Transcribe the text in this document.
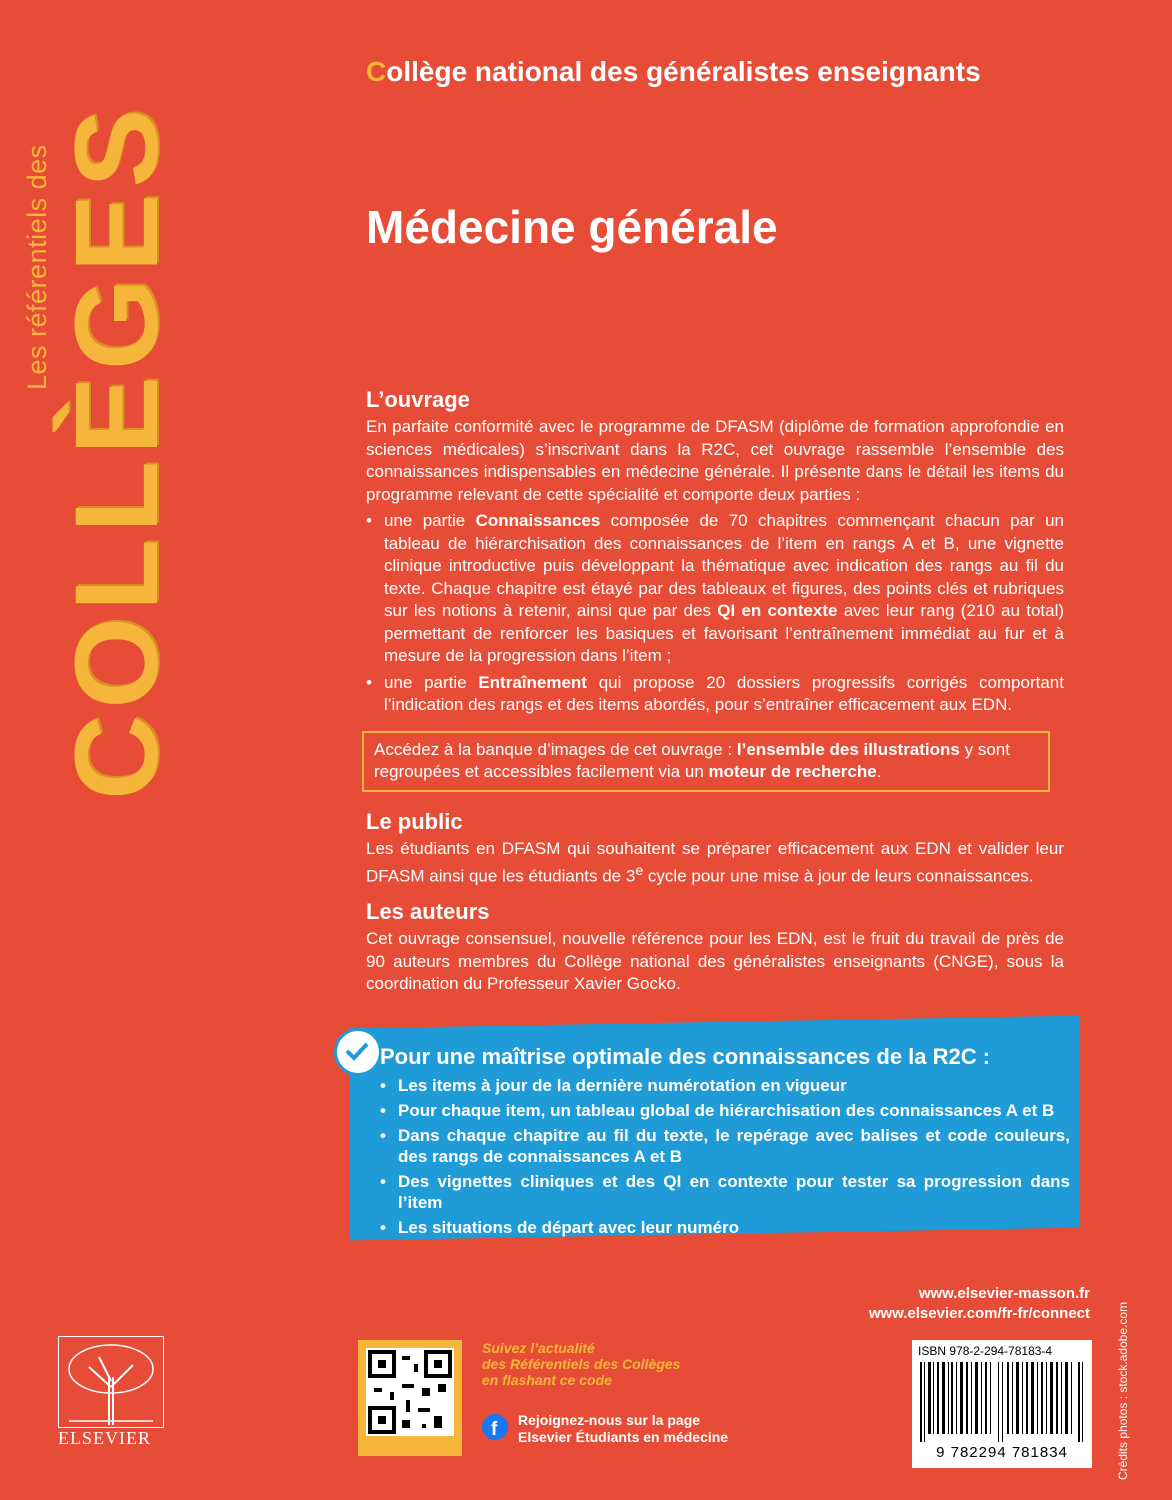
Les référentiels des COLLÈGES
Collège national des généralistes enseignants
Médecine générale
L’ouvrage

En parfaite conformité avec le programme de DFASM (diplôme de formation approfondie en sciences médicales) s’inscrivant dans la R2C, cet ouvrage rassemble l’ensemble des connaissances indispensables en médecine générale. Il présente dans le détail les items du programme relevant de cette spécialité et comporte deux parties :

• une partie Connaissances composée de 70 chapitres commençant chacun par un tableau de hiérarchisation des connaissances de l’item en rangs A et B, une vignette clinique introductive puis développant la thématique avec indication des rangs au fil du texte. Chaque chapitre est étayé par des tableaux et figures, des points clés et rubriques sur les notions à retenir, ainsi que par des QI en contexte avec leur rang (210 au total) permettant de renforcer les basiques et favorisant l’entraînement immédiat au fur et à mesure de la progression dans l’item ;
• une partie Entraînement qui propose 20 dossiers progressifs corrigés comportant l’indication des rangs et des items abordés, pour s’entraîner efficacement aux EDN.
Accédez à la banque d’images de cet ouvrage : l’ensemble des illustrations y sont regroupées et accessibles facilement via un moteur de recherche.
Le public

Les étudiants en DFASM qui souhaitent se préparer efficacement aux EDN et valider leur DFASM ainsi que les étudiants de 3e cycle pour une mise à jour de leurs connaissances.

Les auteurs

Cet ouvrage consensuel, nouvelle référence pour les EDN, est le fruit du travail de près de 90 auteurs membres du Collège national des généralistes enseignants (CNGE), sous la coordination du Professeur Xavier Gocko.

Pour une maîtrise optimale des connaissances de la R2C :
• Les items à jour de la dernière numérotation en vigueur
• Pour chaque item, un tableau global de hiérarchisation des connaissances A et B
• Dans chaque chapitre au fil du texte, le repérage avec balises et code couleurs, des rangs de connaissances A et B
• Des vignettes cliniques et des QI en contexte pour tester sa progression dans l’item
• Les situations de départ avec leur numéro
www.elsevier-masson.fr
www.elsevier.com/fr-fr/connect
Suivez l’actualité
des Référentiels des Collèges
en flashant ce code
f Rejoignez-nous sur la page
Elsevier Étudiants en médecine
ISBN 978-2-294-78183-4
9 782294 781834	Crédits photos : stock.adobe.com
ELSEVIER
